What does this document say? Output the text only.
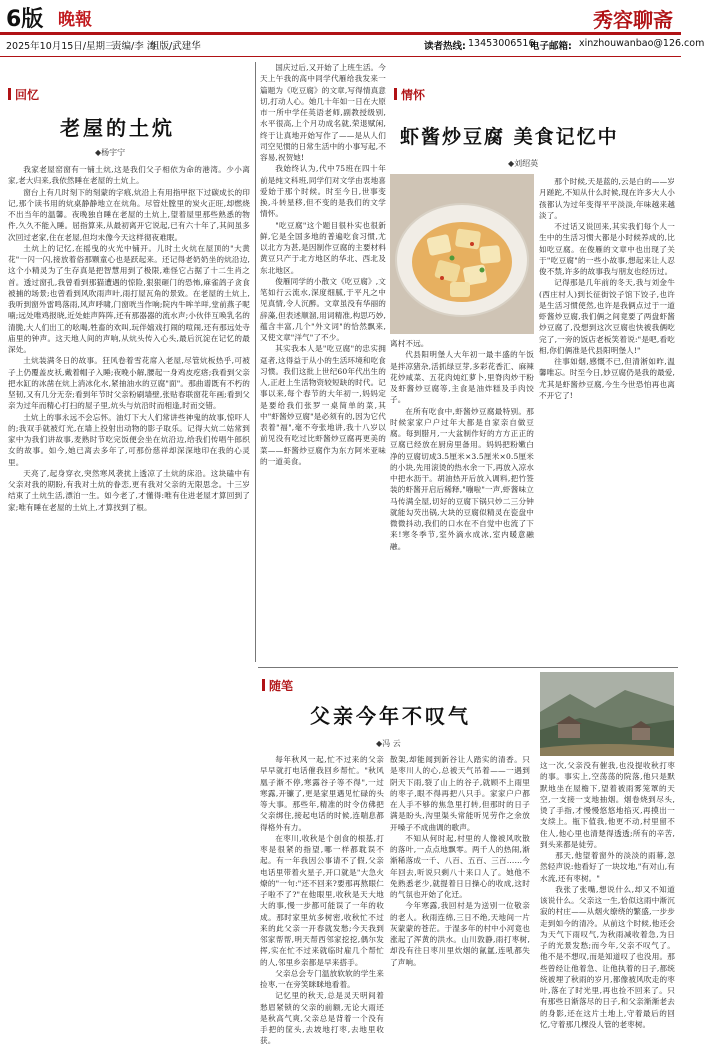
6版 晚報	秀容聊斋
2025年10月15日/星期三
责编/李 涛
组版/武建华	读者热线: 13453006516
电子邮箱: xinzhouwanbao@126.com
回忆
老屋的土炕
◆杨宇宁

我家老屋窑窗有一铺土炕,这是我们父子相依为命的港湾。少小离家,老大归来,我依然睡在老屋的土炕上。

窗台上有几时刻下的刻蒙的字痕,炕沿上有用指甲抠下过碳成长的印记,那个读书用的炕桌静静地立在炕角。尽管灶膛里的炭火正旺,却燃烧不出当年的温馨。夜晚独自睡在老屋的土炕上,望着屋里那些熟悉的物件,久久不能入睡。屈指算来,从最初离开它说起,已有六十年了,其间虽多次回过老家,住在老屋,但均未像今天这样彻夜难眠。

土炕上的记忆,在摇曳的火光中铺开。儿时土火炕在屋顶的"大黄花"一闪一闪,接放着俗那颗童心也是跃起来。还记得老奶奶坐的炕沿边,这个小精灵为了生存真是把智慧用到了极限,难怪它占据了十二生肖之首。透过窗孔,我曾看到那猫遭遇的惊险,狠狠砸门的恐怖,麻雀鸽子贪食被捕的场景;也曾看到风吹雨声叶,雨打屋瓦角的景致。在老屋的土炕上,我听到窗外雷鸣落雨,风声呼啸,门窗咣当作响;院内牛哞羊咩,堂前燕子呢喃;远处唯鸡报晓,近处蛙声阵阵,还有那器器的流水声;小伙伴互唤乳名的清脆,大人们出工的吆喝,牲畜的欢叫,玩伴嬉戏打闹的喧闹,还有那远处寺庙里的钟声。这天地人间的声响,从炕头传入心头,最后沉淀在记忆的最深处。

土炕装满冬日的故事。狂风卷着雪花席入老屋,尽管炕板热乎,可被子上仍覆盖皮袄,戴着帽子入睡;夜晚小解,腰起一身鸡皮疙瘩;我看到父亲把水缸的冰凿在炕上消冰化水,紧抽油水的豆腐"面"。那曲谱既有不朽的坚韧,又有几分无奈;看到年节时父亲粉刷墙壁,张贴春联窗花年画;看到父亲为过年而精心打扫的屋子里,炕头与炕沿时而相逢,时而交错。

土炕上的事永远不会忘怀。油灯下大人们常讲些神鬼的故事,惊吓人的;我双手就被灯光,在墙上投射出动物的影子取乐。记得大炕二姑常到家中为我们讲故事,麦熟时节吃完饭便会坐在炕沿边,给我们传唱牛郎织女的故事。如今,她已离去多年了,可那份慈祥却深深地印在我的心灵里。

天亮了,起身穿衣,突然寒风袭扰上透凉了土炕的床沿。这块磕中有父亲对我的期盼,有我对土炕的眷恋,更有我对父亲的无限思念。十三岁结束了土炕生活,漂泊一生。如今老了,才懂得:唯有住进老屋才算回到了家;唯有睡在老屋的土炕上,才算找到了根。

国庆过后,又开始了上班生活。今天上午我的高中同学代雁给我发来一篇题为《吃豆腐》的文章,写得情真意切,打动人心。她几十年如一日在大原市一所中学任英语老师,副教授级别,水平很高,上个月功成名就,荣退赋闲,终于让真地开始写作了——是从人们司空见惯的日常生活中的小事写起,不容易,祝贺她!

我始终认为,代中75班在四十年前是纯文科班,同学们对文学由衷地喜爱始于那个时候。时至今日,世事变换,斗转星移,但不变的是我们的文学情怀。

"吃豆腐"这个题目很朴实也很新鲜,它是全国多地的普遍吃食习惯,尤以北方为甚,是因制作豆腐的主要材料黄豆只产于北方地区的华北、西北及东北地区。

俊雁同学的小散文《吃豆腐》,文笔如行云流水,深度细腻,于平凡之中见真情,令人沉醉。文章虽没有华丽的辞藻,但表述顺溜,用词精准,构思巧妙,蕴含丰富,几个"外文词"的恰然飘来,又使文章"洋气"了不少。

其实我本人是"吃豆腐"的忠实拥趸者,这得益于从小的生活环境和吃食习惯。我们这批上世纪60年代出生的人,正赶上生活物资较短缺的时代。记事以来,每个春节的大年初一,妈妈定是要给我们张罗一桌简单的菜,其中"虾酱炒豆腐"是必须有的,因为它代表着"福",毫不夸张地讲,我十八岁以前见没有吃过比虾酱炒豆腐再更美的菜——虾酱炒豆腐作为东方阿米亚味的一道美食。

情怀
虾酱炒豆腐 美食记忆中
◆刘绍英

离村不远。

代县阳明堡人大年初一最丰盛的午饭是拌凉猪杂,活抓绿豆芽,多彩花香汇、麻辣花炒咸菜、五花肉炖红萝卜,里脊肉炒干粉及虾酱炒豆腐等,主食是油炸糕及手肉饺子。

在所有吃食中,虾酱炒豆腐最特别。那时候家家户户过年大都是自家亲自做豆腐。每到腊月,一大盆制作好的方方正正的豆腐已经放在厨房里备用。妈妈把粉嫩白净的豆腐切成3.5厘米×3.5厘米×0.5厘米的小块,先用滚烫的热水余一下,再放入凉水中把水沥干。胡油热开后放入调料,把竹签装的虾酱开启后稀释,"嘣啦"一声,虾酱味立马传满全屋,切好的豆腐下锅只炒二三分钟就能勾芡出锅,大块的豆腐似精灵在瓷盘中微微抖动,我们的口水在不自觉中也流了下来!寒冬季节,室外滴水成冰,室内暖意融融。

那个时候,天是蓝的,云是白的——岁月蹉跎,不知从什么时候,现在许多大人小孩都认为过年变得平平淡淡,年味越来越淡了。

不过话又说回来,其实我们每个人一生中的生活习惯大都是小时候养成的,比如吃豆腐。在俊雁的文章中也出现了关于"吃豆腐"的一些小故事,想起来让人忍俊不禁,许多的故事我与朋友也经历过。

记得那是几年前的冬天,我与刘金牛(西庄村人)到长征街饺子馆下饺子,也许是生活习惯使然,也许是我俩点过于一道虾酱炒豆腐,我们俩之间竟要了两盘虾酱炒豆腐了,没想到这次豆腐也快被我俩吃完了,一旁的饭店老板笑着说:"是吧,看吃相,你们俩准是代县阳明堡人!"

往事如烟,感慨不已,但清淅如昨,温馨唯忘。时至今日,妙豆腐仍是我的最爱,尤其是虾酱炒豆腐,今生今世恐怕再也离不开它了!

随笔
父亲今年不叹气
◆冯 云

每年秋风一起,忙不过来的父亲早早就打电话催我回乡帮忙。"秋风凰子渐不停,寒露谷子等不得",一过寒露,开镰了,更是家里遇见忙碌的头等大事。那些年,精准的时令仿佛把父亲绑住,接起电话的时候,连喘息都得格外有力。

在枣川,收秋是个创食的根基,打枣是很紧的指望,哪一样都耽误不起。有一年我因公事请不了假,父亲电话里带着火星子,开口就是"大急火燎的"一句:"还不回来?要那再熬眼仁子啦不了?"在他眼里,收秋是天大地大的事,慢一步都可能误了一年的收成。那时家里炕多树密,收秋忙不过来的此父亲一开春就发愁;今天我到邻家帮帮,明天帮西邻家挖挖,偶尔发挥,实在忙不过来就临时雇几个帮忙的人,邻里乡亲都是早来搭手。

父亲总会专门温放软软的学生来捡枣,一在旁笑眯眯地看着。

记忆里的秋天,总是灵天明间着愁眉紧锁的父亲的前额,无论大雨还是秋高气爽,父亲总是背着一个没有手把的筐头,去坡地打枣,去地里收获。

散架,却能闻到新谷让人踏实的清香。只是枣川人的心,总被天气吊着——一遇到阴天下雨,裂了山上的谷子,就顾不上雨里的枣子,眼不得再把八只手。家家户户都在人手不够的焦急里打转,但那时的日子满是盼头,沟里渠头常能听见劳作之余放开嗓子不成曲调的歌声。

不知从何时起,村里的人像被风吹散的落叶,一点点地飘零。两千人的热闹,渐渐稀落成一千、八百、五百、三百……今年回去,听说只剩八十来口人了。她他不免熟悉老少,就提着日日操心的收成,这时的气氛也开始了化迁。

今年寒露,我回村是为送别一位敬亲的老人。秋雨连绵,三日不绝,天地间一片灰蒙蒙的苍茫。于湿多年的村中小河竟也涨起了浑黄的洪水。山川敦静,雨打枣树,却没有往日枣川里炊烟的氤氲,连吼都失了声响。

这一次,父亲没有催我,也没提收秋打枣的事。事实上,空荡荡的院落,他只是默默地坐在屋檐下,望着被雨雾笼罩的天空,一支接一支地抽烟。烟卷烧到尽头,烫了手指,才慢慢悠悠地掐灭,再摸出一支续上。瓶下值我,他更不动,村里留不住人,他心里也清楚得透透;所有的辛苦,到头来都是徒劳。

那天,他望着窗外的淡淡的雨幕,忽然轻声说:他看好了一块坟地,"有对山,有水流,还有枣树。"

我张了张嘴,想说什么,却又不知道该说什么。父亲这一生,恰似这雨中渐沉寂的村庄——从烟火缭绕的繁盛,一步步走到如今的清冷。从前这个时候,他还会为天气下雨叹气,为秋雨减收着急,为日子的光景发愁;而今年,父亲不叹气了。他不是不想叹,而是知道叹了也没用。那些曾经让他着急、让他执着的日子,都统统被埋了秋雨的岁月,都像被风吹走的枣叶,落在了时光里,再也捡不回来了。只有那些日渐落尽的日子,和父亲渐渐老去的身影,还在这片土地上,守着最后的回忆,守着那几棵没人管的老枣树。
